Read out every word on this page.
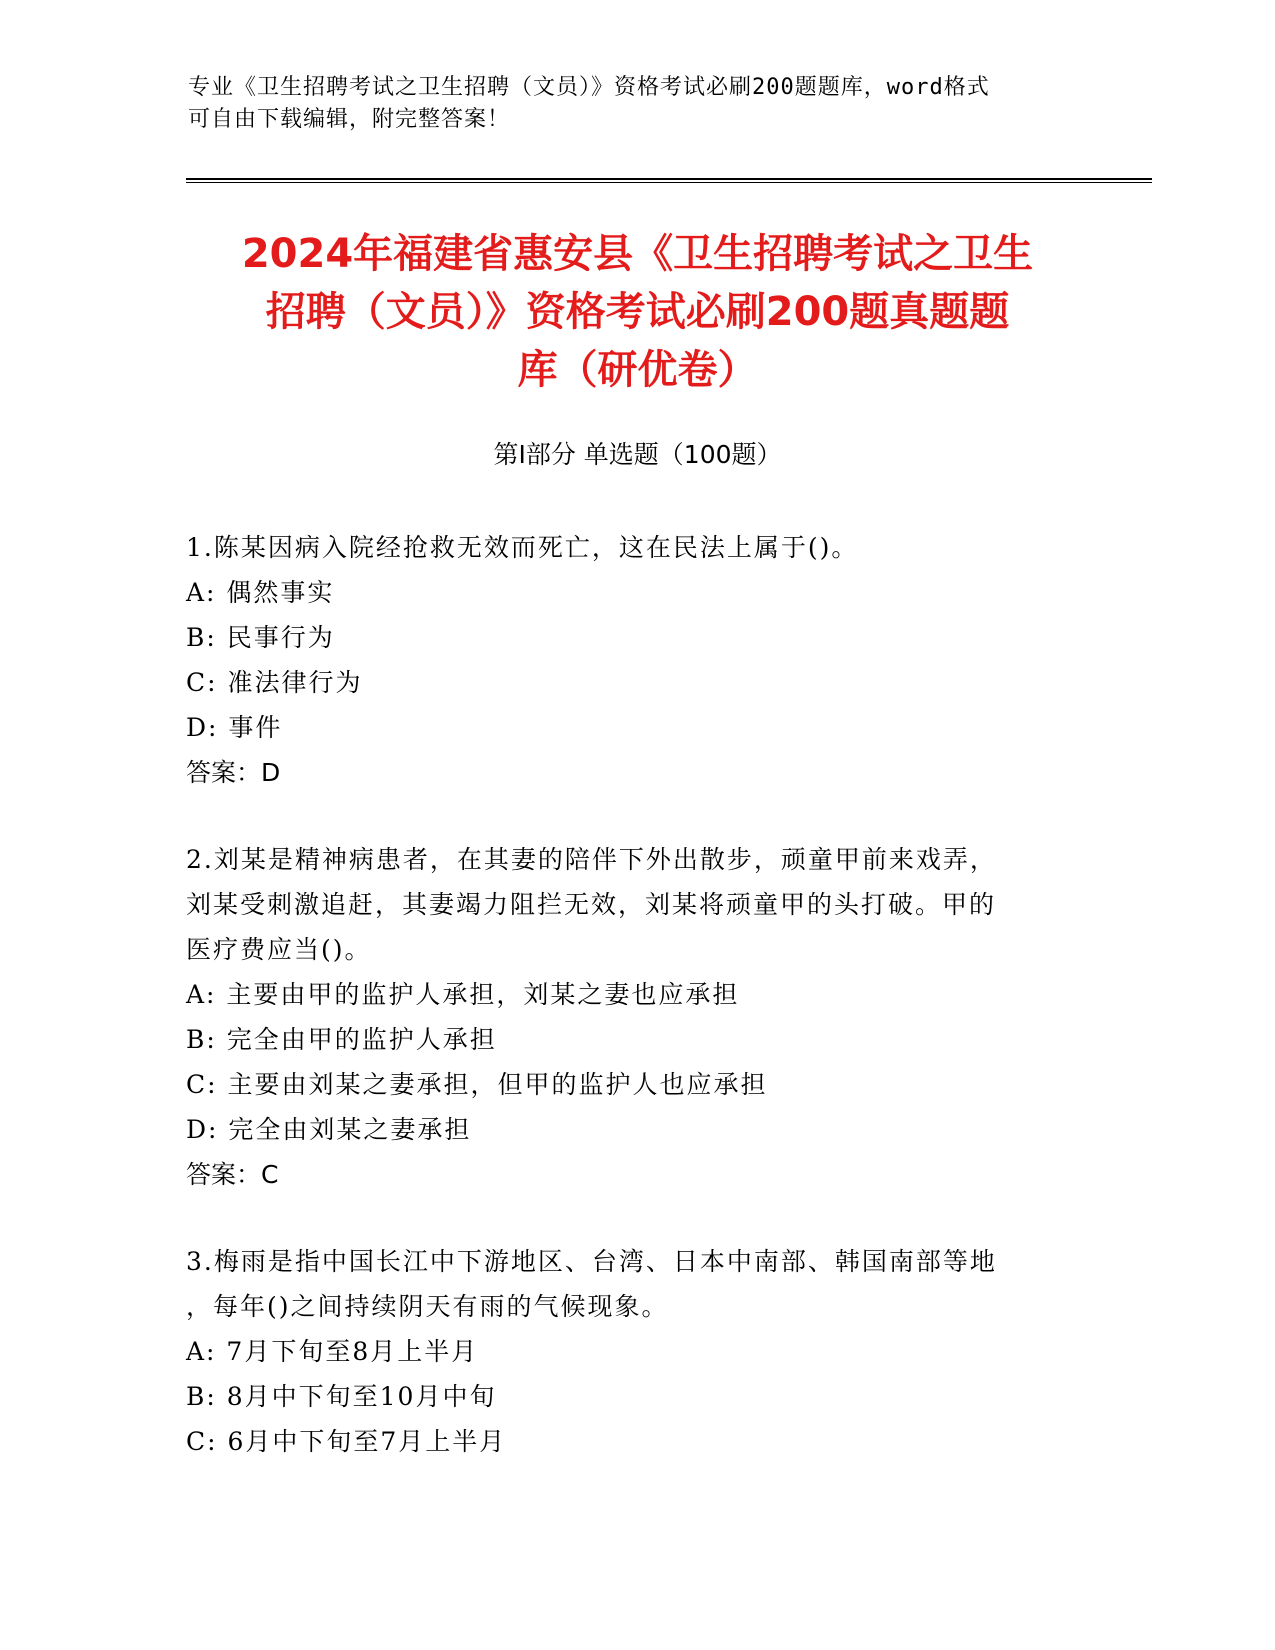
专业《卫生招聘考试之卫生招聘（文员）》资格考试必刷200题题库，word格式
可自由下载编辑，附完整答案！
2024年福建省惠安县《卫生招聘考试之卫生
招聘（文员）》资格考试必刷200题真题题
库（研优卷）
第I部分 单选题（100题）
1.陈某因病入院经抢救无效而死亡，这在民法上属于()。
A: 偶然事实
B: 民事行为
C: 准法律行为
D: 事件
答案：D
2.刘某是精神病患者，在其妻的陪伴下外出散步，顽童甲前来戏弄，
刘某受刺激追赶，其妻竭力阻拦无效，刘某将顽童甲的头打破。甲的
医疗费应当()。
A: 主要由甲的监护人承担，刘某之妻也应承担
B: 完全由甲的监护人承担
C: 主要由刘某之妻承担，但甲的监护人也应承担
D: 完全由刘某之妻承担
答案：C
3.梅雨是指中国长江中下游地区、台湾、日本中南部、韩国南部等地
，每年()之间持续阴天有雨的气候现象。
A: 7月下旬至8月上半月
B: 8月中下旬至10月中旬
C: 6月中下旬至7月上半月
